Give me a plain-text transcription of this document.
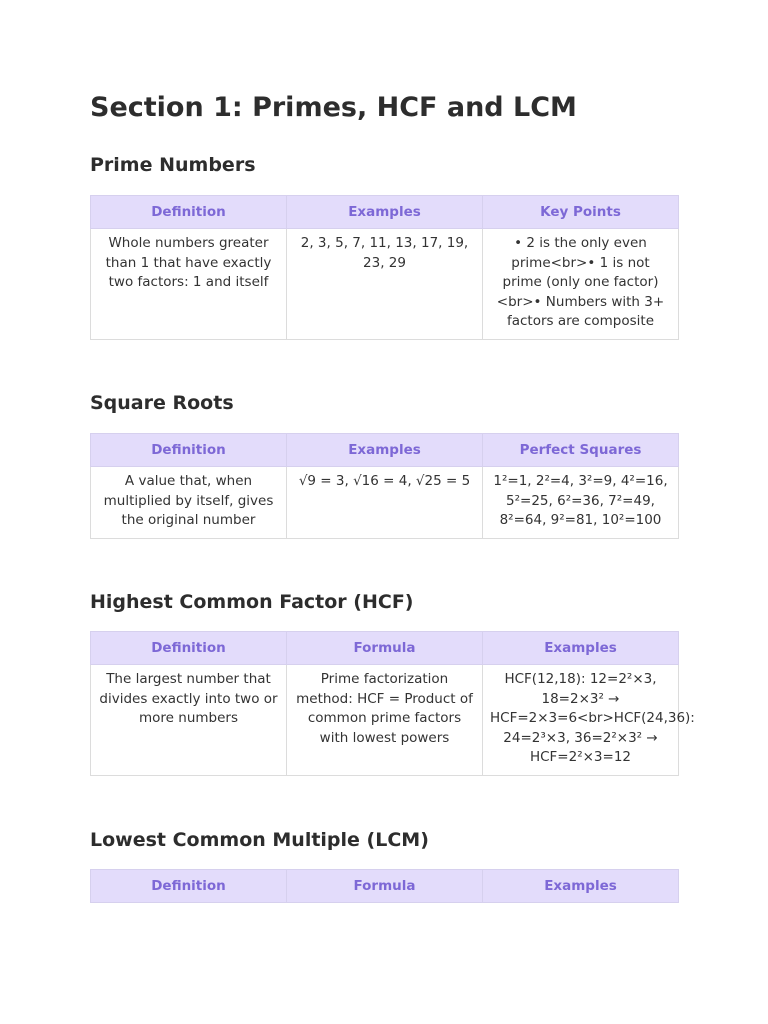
Section 1: Primes, HCF and LCM
Prime Numbers
Definition	Examples	Key Points
Whole numbers greater than 1 that have exactly two factors: 1 and itself	2, 3, 5, 7, 11, 13, 17, 19, 23, 29	• 2 is the only even prime<br>• 1 is not prime (only one factor)<br>• Numbers with 3+ factors are composite
Square Roots
Definition	Examples	Perfect Squares
A value that, when multiplied by itself, gives the original number	√9 = 3, √16 = 4, √25 = 5	1²=1, 2²=4, 3²=9, 4²=16, 5²=25, 6²=36, 7²=49, 8²=64, 9²=81, 10²=100
Highest Common Factor (HCF)
Definition	Formula	Examples
The largest number that divides exactly into two or more numbers	Prime factorization method: HCF = Product of common prime factors with lowest powers	HCF(12,18): 12=2²×3, 18=2×3² → HCF=2×3=6<br>HCF(24,36): 24=2³×3, 36=2²×3² → HCF=2²×3=12
Lowest Common Multiple (LCM)
Definition	Formula	Examples
